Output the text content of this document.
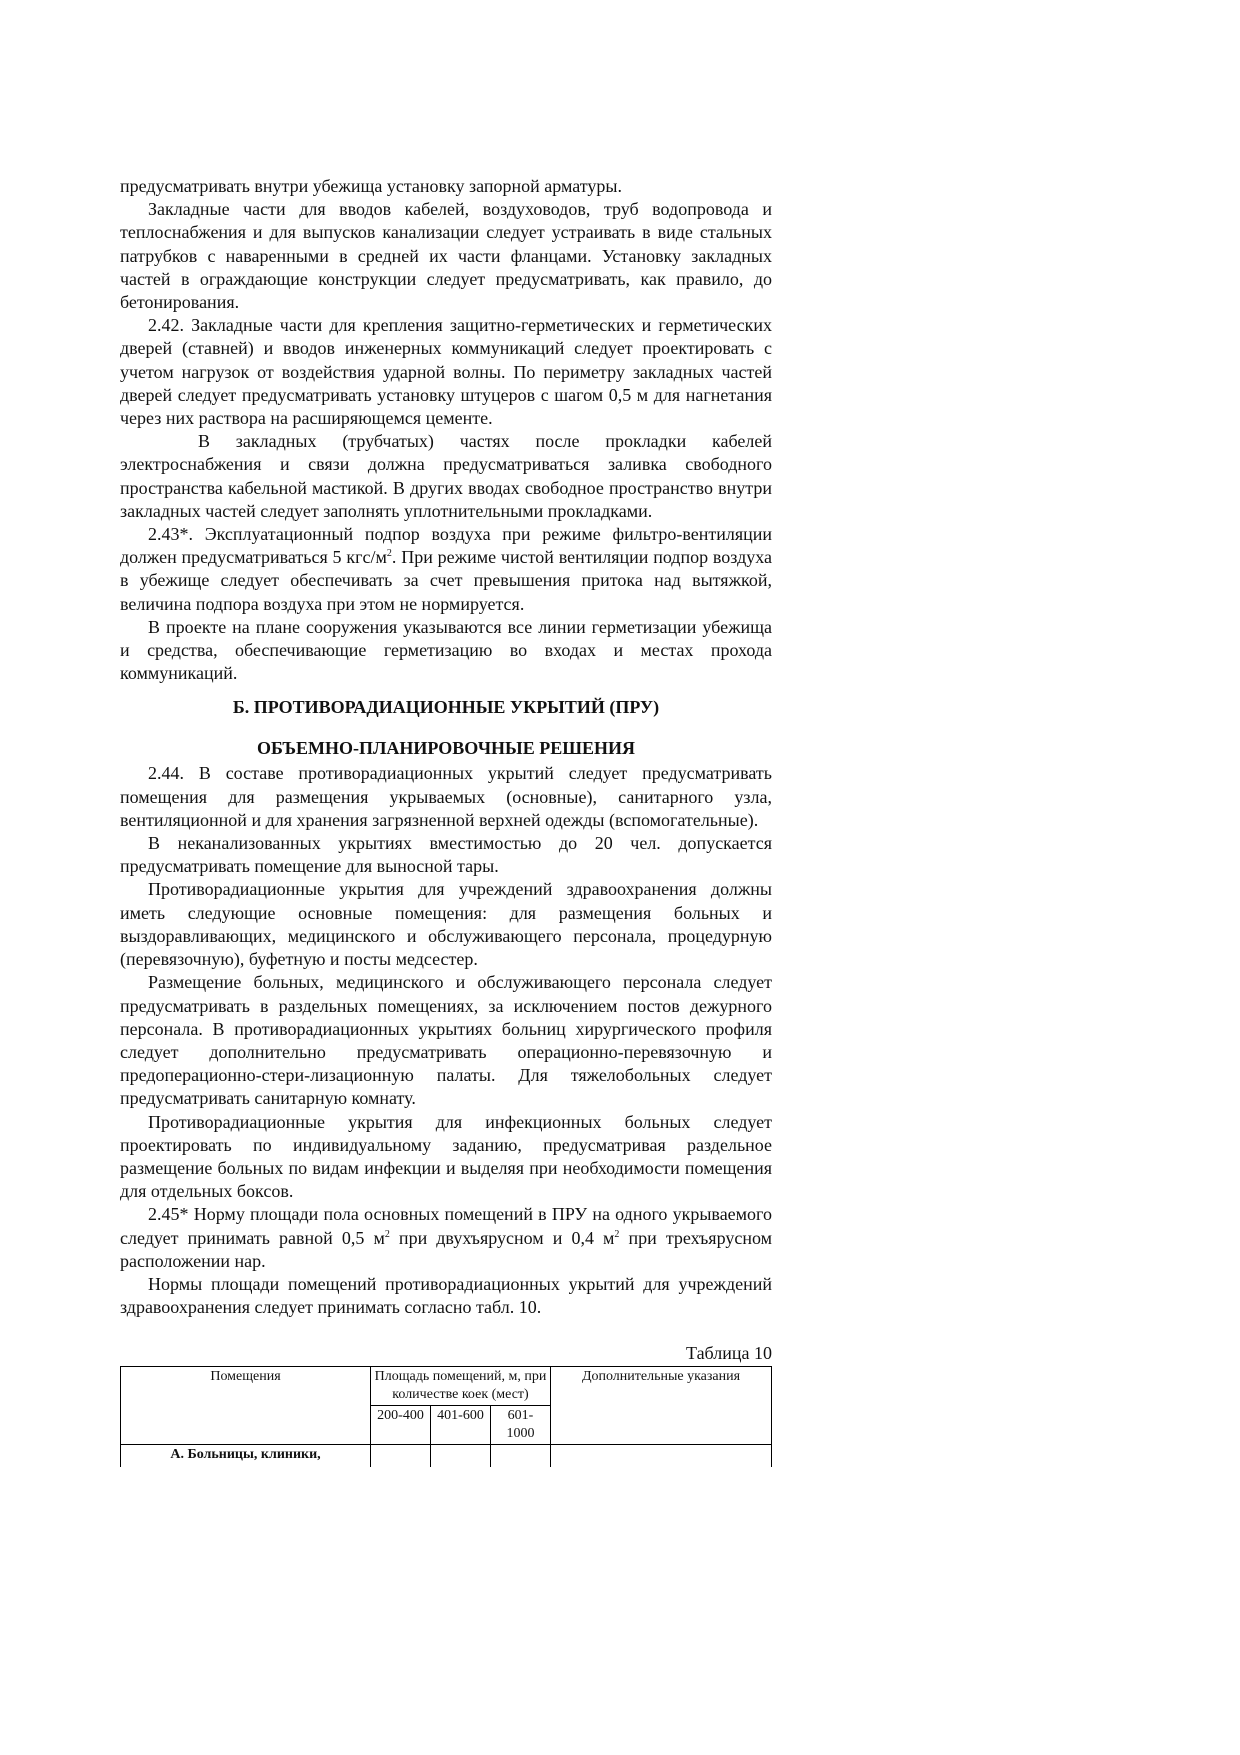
предусматривать внутри убежища установку запорной арматуры.

Закладные части для вводов кабелей, воздуховодов, труб водопровода и теплоснабжения и для выпусков канализации следует устраивать в виде стальных патрубков с наваренными в средней их части фланцами. Установку закладных частей в ограждающие конструкции следует предусматривать, как правило, до бетонирования.

2.42. Закладные части для крепления защитно-герметических и герметических дверей (ставней) и вводов инженерных коммуникаций следует проектировать с учетом нагрузок от воздействия ударной волны. По периметру закладных частей дверей следует предусматривать установку штуцеров с шагом 0,5 м для нагнетания через них раствора на расширяющемся цементе.

В закладных (трубчатых) частях после прокладки кабелей электроснабжения и связи должна предусматриваться заливка свободного пространства кабельной мастикой. В других вводах свободное пространство внутри закладных частей следует заполнять уплотнительными прокладками.

2.43*. Эксплуатационный подпор воздуха при режиме фильтро-вентиляции должен предусматриваться 5 кгс/$м^2$. При режиме чистой вентиляции подпор воздуха в убежище следует обеспечивать за счет превышения притока над вытяжкой, величина подпора воздуха при этом не нормируется.

В проекте на плане сооружения указываются все линии герметизации убежища и средства, обеспечивающие герметизацию во входах и местах прохода коммуникаций.

Б. ПРОТИВОРАДИАЦИОННЫЕ УКРЫТИЙ (ПРУ)
ОБЪЕМНО-ПЛАНИРОВОЧНЫЕ РЕШЕНИЯ

2.44. В составе противорадиационных укрытий следует предусматривать помещения для размещения укрываемых (основные), санитарного узла, вентиляционной и для хранения загрязненной верхней одежды (вспомогательные).

В неканализованных укрытиях вместимостью до 20 чел. допускается предусматривать помещение для выносной тары.

Противорадиационные укрытия для учреждений здравоохранения должны иметь следующие основные помещения: для размещения больных и выздоравливающих, медицинского и обслуживающего персонала, процедурную (перевязочную), буфетную и посты медсестер.

Размещение больных, медицинского и обслуживающего персонала следует предусматривать в раздельных помещениях, за исключением постов дежурного персонала. В противорадиационных укрытиях больниц хирургического профиля следует дополнительно предусматривать операционно-перевязочную и предоперационно-стери-лизационную палаты. Для тяжелобольных следует предусматривать санитарную комнату.

Противорадиационные укрытия для инфекционных больных следует проектировать по индивидуальному заданию, предусматривая раздельное размещение больных по видам инфекции и выделяя при необходимости помещения для отдельных боксов.

2.45* Норму площади пола основных помещений в ПРУ на одного укрываемого следует принимать равной 0,5 $м^2$ при двухъярусном и 0,4 $м^2$ при трехъярусном расположении нар.

Нормы площади помещений противорадиационных укрытий для учреждений здравоохранения следует принимать согласно табл. 10.

Таблица 10
Помещения	Площадь помещений, м, при количестве коек (мест)			Дополнительные указания
	200-400	401-600	601-1000	
А. Больницы, клиники,				
